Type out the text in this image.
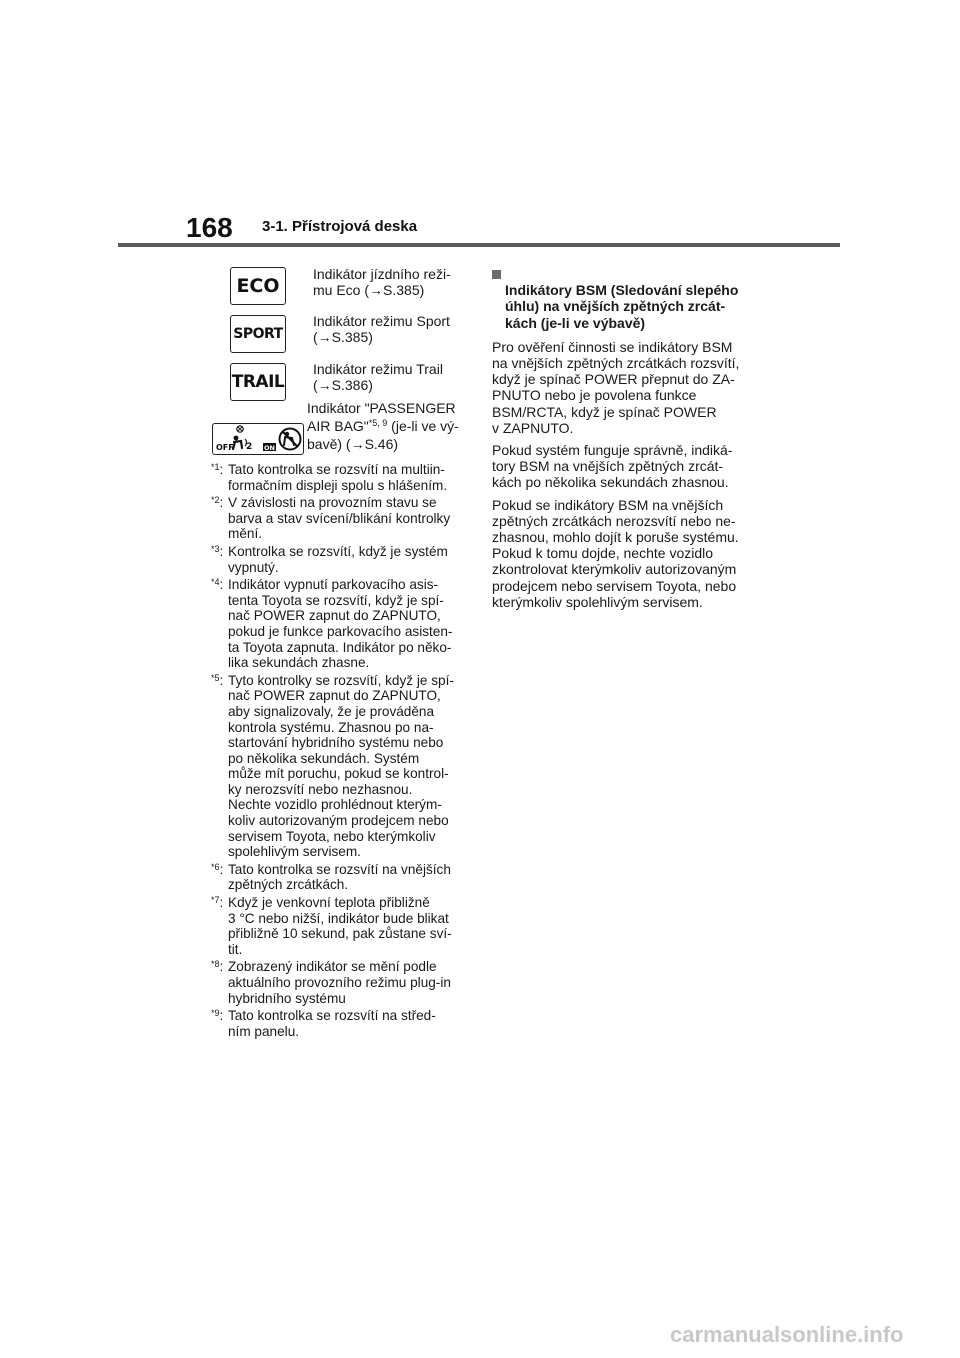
168 3-1. Přístrojová deska
ECO
Indikátor jízdního reži-
mu Eco (→S.385)
SPORT
Indikátor režimu Sport
(→S.385)
TRAIL
Indikátor režimu Trail
(→S.386)
OFF 2 ON
Indikátor "PASSENGER
AIR BAG"$^{*5, 9}$ (je-li ve vý-
bavě) (→S.46)
$^{*1}$: Tato kontrolka se rozsvítí na multiin-
formačním displeji spolu s hlášením.
$^{*2}$: V závislosti na provozním stavu se
barva a stav svícení/blikání kontrolky
mění.
$^{*3}$: Kontrolka se rozsvítí, když je systém
vypnutý.
$^{*4}$: Indikátor vypnutí parkovacího asis-
tenta Toyota se rozsvítí, když je spí-
nač POWER zapnut do ZAPNUTO,
pokud je funkce parkovacího asisten-
ta Toyota zapnuta. Indikátor po něko-
lika sekundách zhasne.
$^{*5}$: Tyto kontrolky se rozsvítí, když je spí-
nač POWER zapnut do ZAPNUTO,
aby signalizovaly, že je prováděna
kontrola systému. Zhasnou po na-
startování hybridního systému nebo
po několika sekundách. Systém
může mít poruchu, pokud se kontrol-
ky nerozsvítí nebo nezhasnou.
Nechte vozidlo prohlédnout kterým-
koliv autorizovaným prodejcem nebo
servisem Toyota, nebo kterýmkoliv
spolehlivým servisem.
$^{*6}$: Tato kontrolka se rozsvítí na vnějších
zpětných zrcátkách.
$^{*7}$: Když je venkovní teplota přibližně
3 °C nebo nižší, indikátor bude blikat
přibližně 10 sekund, pak zůstane sví-
tit.
$^{*8}$: Zobrazený indikátor se mění podle
aktuálního provozního režimu plug-in
hybridního systému
$^{*9}$: Tato kontrolka se rozsvítí na střed-
ním panelu.

Indikátory BSM (Sledování slepého
úhlu) na vnějších zpětných zrcát-
kách (je-li ve výbavě)

Pro ověření činnosti se indikátory BSM
na vnějších zpětných zrcátkách rozsvítí,
když je spínač POWER přepnut do ZA-
PNUTO nebo je povolena funkce
BSM/RCTA, když je spínač POWER
v ZAPNUTO.
Pokud systém funguje správně, indiká-
tory BSM na vnějších zpětných zrcát-
kách po několika sekundách zhasnou.
Pokud se indikátory BSM na vnějších
zpětných zrcátkách nerozsvítí nebo ne-
zhasnou, mohlo dojít k poruše systému.
Pokud k tomu dojde, nechte vozidlo
zkontrolovat kterýmkoliv autorizovaným
prodejcem nebo servisem Toyota, nebo
kterýmkoliv spolehlivým servisem.
carmanualsonline.info
